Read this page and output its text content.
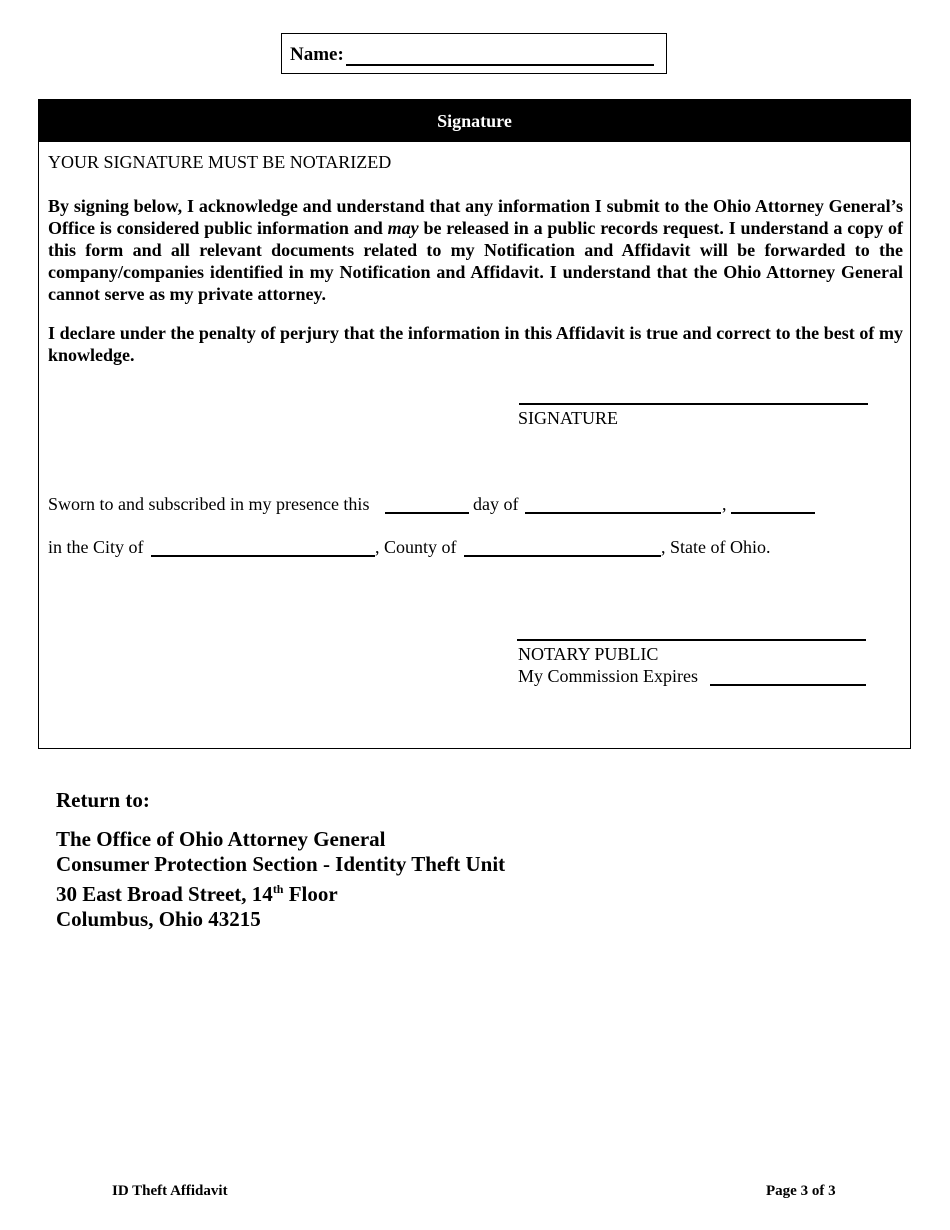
Name:
Signature
YOUR SIGNATURE MUST BE NOTARIZED

By signing below, I acknowledge and understand that any information I submit to the Ohio Attorney General’s Office is considered public information and may be released in a public records request. I understand a copy of this form and all relevant documents related to my Notification and Affidavit will be forwarded to the company/companies identified in my Notification and Affidavit. I understand that the Ohio Attorney General cannot serve as my private attorney.

I declare under the penalty of perjury that the information in this Affidavit is true and correct to the best of my knowledge.

SIGNATURE
Sworn to and subscribed in my presence this	day of	,
in the City of	, County of	, State of Ohio.
NOTARY PUBLIC
My Commission Expires

Return to:

The Office of Ohio Attorney General

Consumer Protection Section - Identity Theft Unit

30 East Broad Street, 14th Floor

Columbus, Ohio 43215

ID Theft Affidavit	Page 3 of 3
